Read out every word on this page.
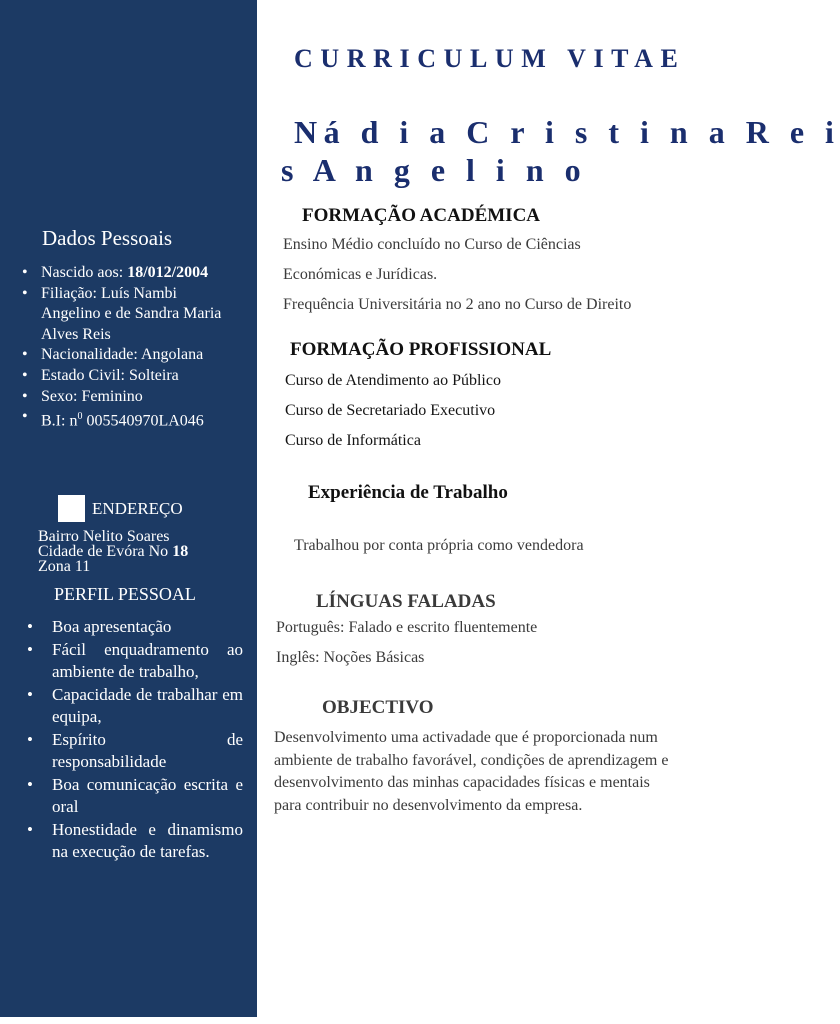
Dados Pessoais
• Nascido aos: 18/012/2004
• Filiação: Luís Nambi Angelino e de Sandra Maria Alves Reis
• Nacionalidade: Angolana
• Estado Civil: Solteira
• Sexo: Feminino
• B.I: $n^0$ 005540970LA046
ENDEREÇO
Bairro Nelito Soares
Cidade de Evóra No 18
Zona 11
PERFIL PESSOAL
• Boa apresentação
• Fácil enquadramento ao ambiente de trabalho,
• Capacidade de trabalhar em equipa,
• Espírito de responsabilidade
• Boa comunicação escrita e oral
• Honestidade e dinamismo na execução de tarefas.
CURRICULUM VITAE
Ná d i a C r i s t i n a R e i
s A n g e l i n o
FORMAÇÃO ACADÉMICA
Ensino Médio concluído no Curso de Ciências
Económicas e Jurídicas.
Frequência Universitária no 2 ano no Curso de Direito
FORMAÇÃO PROFISSIONAL
Curso de Atendimento ao Público
Curso de Secretariado Executivo
Curso de Informática
Experiência de Trabalho
Trabalhou por conta própria como vendedora
LÍNGUAS FALADAS
Português: Falado e escrito fluentemente
Inglês: Noções Básicas
OBJECTIVO
Desenvolvimento uma activadade que é proporcionada num ambiente de trabalho favorável, condições de aprendizagem e desenvolvimento das minhas capacidades físicas e mentais para contribuir no desenvolvimento da empresa.
